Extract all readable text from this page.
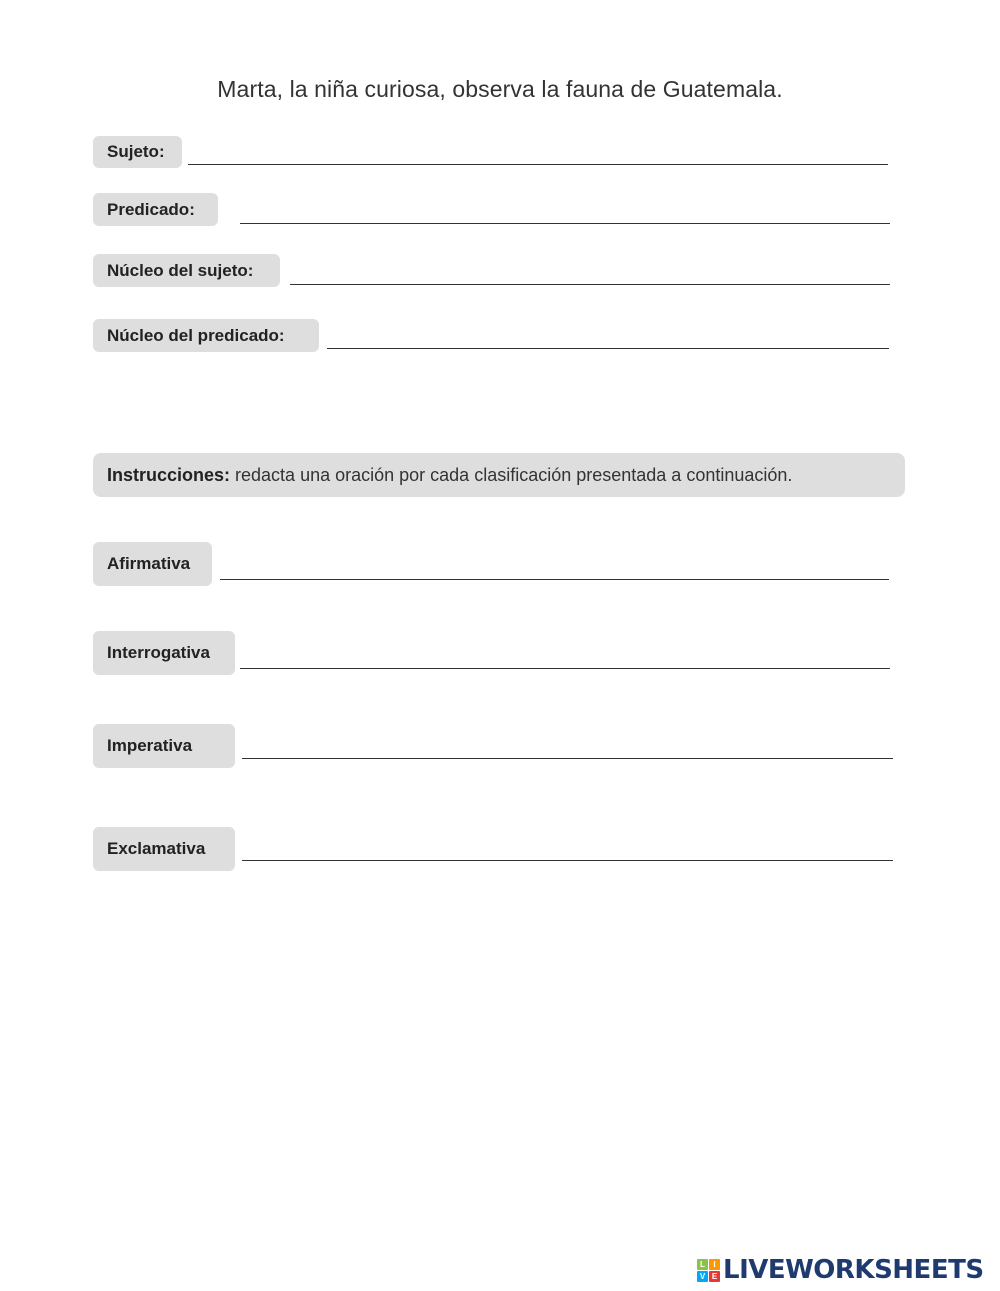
Marta, la niña curiosa, observa la fauna de Guatemala.
Sujeto:
Predicado:
Núcleo del sujeto:
Núcleo del predicado:
Instrucciones: redacta una oración por cada clasificación presentada a continuación.
Afirmativa
Interrogativa
Imperativa
Exclamativa
L	I
V E LIVEWORKSHEETS
